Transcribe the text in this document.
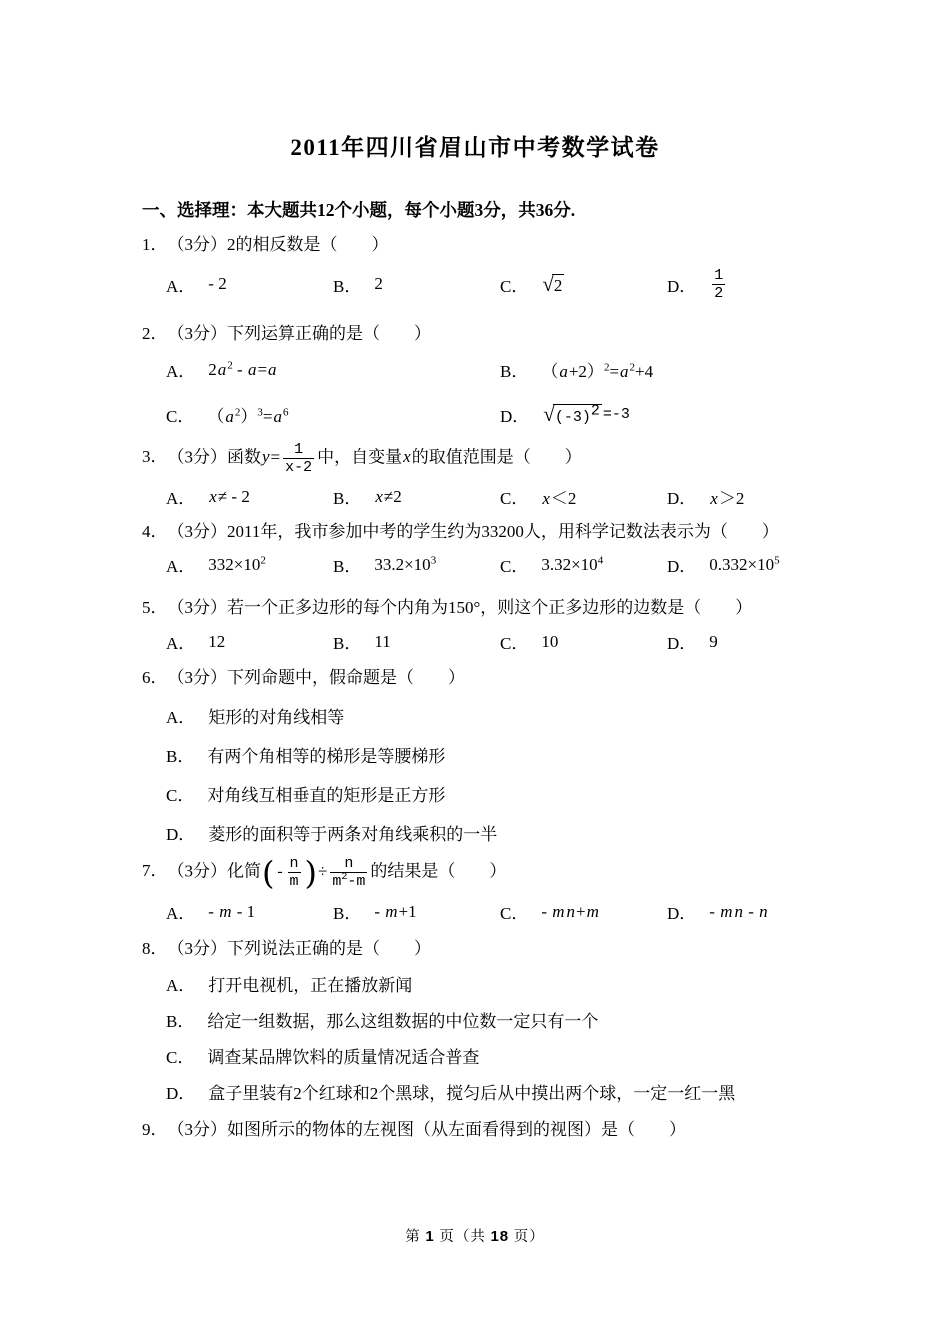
2011年四川省眉山市中考数学试卷
一、选择理：本大题共12个小题，每个小题3分，共36分.
1．（3分）2的相反数是（　　）
A． - 2	B． 2	C． √ 2	D． $\frac{1}{2}$
2．（3分）下列运算正确的是（　　）
A． $2a^2 - a=a$	B． $(a+2)^2=a^2+4$
C． $(a^2)^3=a^6$	D． √ $(-3)^2 =-3$
3．（3分）函数$y= \frac{1}{x-2}$ 中，自变量x的取值范围是（　　）
A． x≠ - 2	B． x≠2	C． x＜2	D． x＞2
4．（3分）2011年，我市参加中考的学生约为33200人，用科学记数法表示为（　　）
A． $332\times 10^2$	B． $33.2\times 10^3$	C． $3.32\times 10^4$	D． $0.332\times 10^5$
5．（3分）若一个正多边形的每个内角为150°，则这个正多边形的边数是（　　）
A． 12	B． 11	C． 10	D． 9
6．（3分）下列命题中，假命题是（　　）
A． 矩形的对角线相等
B． 有两个角相等的梯形是等腰梯形
C． 对角线互相垂直的矩形是正方形
D． 菱形的面积等于两条对角线乘积的一半
7．（3分）化简(- $\frac{n}{m}$ )÷ $\frac{n}{m^2-m}$ 的结果是（　　）
A． - m - 1	B． - m+1	C． - m n+m	D． - m n - n
8．（3分）下列说法正确的是（　　）
A． 打开电视机，正在播放新闻
B． 给定一组数据，那么这组数据的中位数一定只有一个
C． 调查某品牌饮料的质量情况适合普查
D． 盒子里装有2个红球和2个黑球，搅匀后从中摸出两个球，一定一红一黑
9．（3分）如图所示的物体的左视图（从左面看得到的视图）是（　　）
第 1 页（共 18 页）
